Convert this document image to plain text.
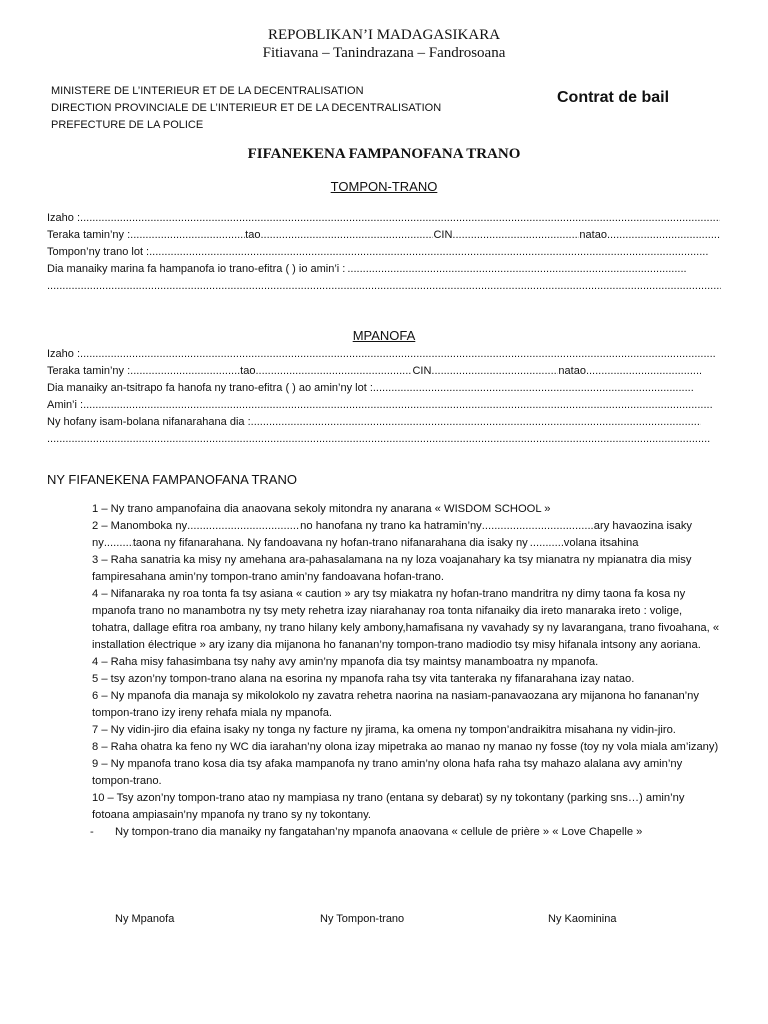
REPOBLIKAN’I MADAGASIKARA
Fitiavana – Tanindrazana – Fandrosoana
MINISTERE DE L’INTERIEUR ET DE LA DECENTRALISATION
DIRECTION PROVINCIALE DE L’INTERIEUR ET DE LA DECENTRALISATION
PREFECTURE DE LA POLICE
Contrat de bail
FIFANEKENA FAMPANOFANA TRANO
TOMPON-TRANO
Izaho :.....
Teraka tamin’ny : .....	tao .....	CIN .....	natao.....
Tompon’ny trano lot :.....
Dia manaiky marina fa hampanofa io trano-efitra ( ) io amin’i :.....
.....
MPANOFA
Izaho :.....
Teraka tamin’ny : .....	tao .....	CIN .....	natao.....
Dia manaiky an-tsitrapo fa hanofa ny trano-efitra ( ) ao amin’ny lot :.....
Amin’i :.....
Ny hofany isam-bolana nifanarahana dia :.....
.....
NY FIFANEKENA FAMPANOFANA TRANO

1 – Ny trano ampanofaina dia anaovana sekoly mitondra ny anarana « WISDOM SCHOOL »

2 – Manomboka ny .....	no hanofana ny trano ka hatramin’ny .....	ary havaozina isaky
ny .....	taona ny fifanarahana. Ny fandoavana ny hofan-trano nifanarahana dia isaky ny .....	volana itsahina

3 – Raha sanatria ka misy ny amehana ara-pahasalamana na ny loza voajanahary ka tsy mianatra ny mpianatra dia misy fampiresahana amin’ny tompon-trano amin’ny fandoavana hofan-trano.

4 – Nifanaraka ny roa tonta fa tsy asiana « caution » ary tsy miakatra ny hofan-trano mandritra ny dimy taona fa kosa ny mpanofa trano no manambotra ny tsy mety rehetra izay niarahanay roa tonta nifanaiky dia ireto manaraka ireto : volige, tohatra, dallage efitra roa ambany, ny trano hilany kely ambony,hamafisana ny vavahady sy ny lavarangana, trano fivoahana, « installation électrique » ary izany dia mijanona ho fananan’ny tompon-trano madiodio tsy misy hifanala intsony any aoriana.

4 – Raha misy fahasimbana tsy nahy avy amin’ny mpanofa dia tsy maintsy manamboatra ny mpanofa.

5 – tsy azon’ny tompon-trano alana na esorina ny mpanofa raha tsy vita tanteraka ny fifanarahana izay natao.

6 – Ny mpanofa dia manaja sy mikolokolo ny zavatra rehetra naorina na nasiam-panavaozana ary mijanona ho fananan’ny tompon-trano izy ireny rehafa miala ny mpanofa.

7 – Ny vidin-jiro dia efaina isaky ny tonga ny facture ny jirama, ka omena ny tompon’andraikitra misahana ny vidin-jiro.

8 – Raha ohatra ka feno ny WC dia iarahan’ny olona izay mipetraka ao manao ny manao ny fosse (toy ny vola miala am’izany)

9 – Ny mpanofa trano kosa dia tsy afaka mampanofa ny trano amin’ny olona hafa raha tsy mahazo alalana avy amin’ny tompon-trano.

10 – Tsy azon’ny tompon-trano atao ny mampiasa ny trano (entana sy debarat) sy ny tokontany (parking sns…) amin’ny fotoana ampiasain’ny mpanofa ny trano sy ny tokontany.

- Ny tompon-trano dia manaiky ny fangatahan’ny mpanofa anaovana « cellule de prière » « Love Chapelle »

Ny Mpanofa	Ny Tompon-trano	Ny Kaominina
